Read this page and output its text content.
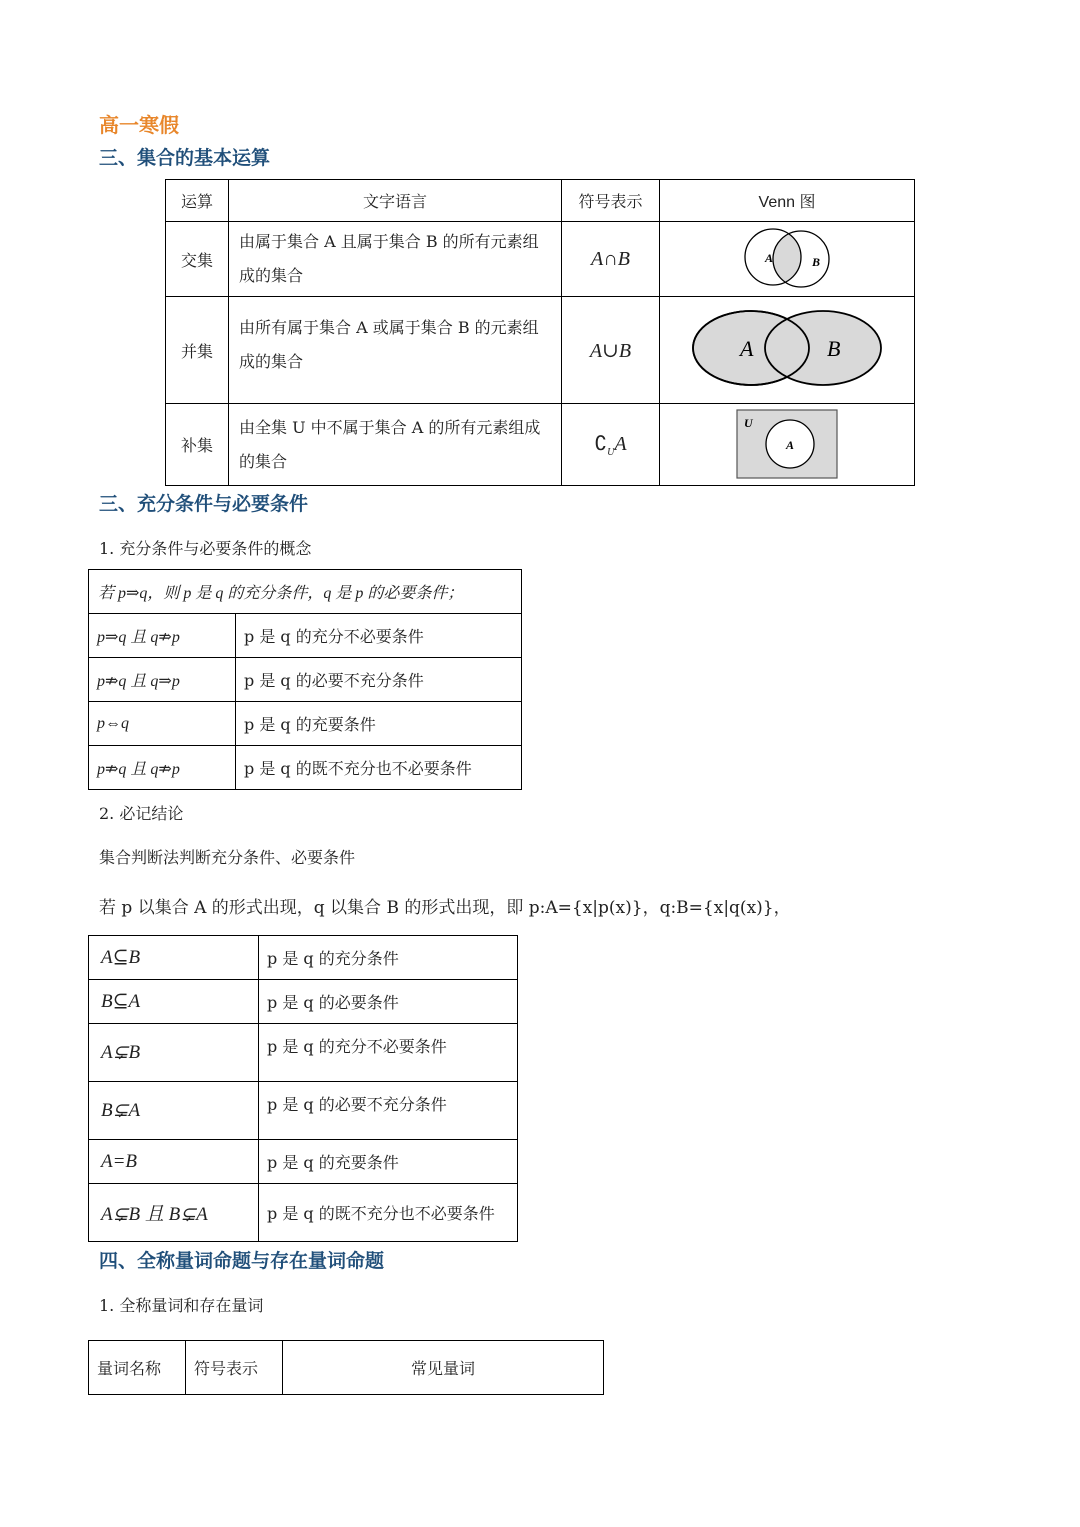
高一寒假
三、集合的基本运算
运算	文字语言	符号表示	Venn 图
交集	由属于集合 A 且属于集合 B 的所有元素组成的集合	A∩B	A B

并集	由所有属于集合 A 或属于集合 B 的元素组成的集合	A∪B	A B

补集	由全集 U 中不属于集合 A 的所有元素组成的集合	$∁_UA$	U
A
三、充分条件与必要条件
1. 充分条件与必要条件的概念
若 p⇒q，则 p 是 q 的充分条件，q 是 p 的必要条件；	
p⇒q 且 q⇏p	p 是 q 的充分不必要条件
p⇏q 且 q⇒p	p 是 q 的必要不充分条件
p⇔q	p 是 q 的充要条件
p⇏q 且 q⇏p	p 是 q 的既不充分也不必要条件
2. 必记结论
集合判断法判断充分条件、必要条件
若 p 以集合 A 的形式出现，q 以集合 B 的形式出现，即 p:A={x|p(x)}，q:B={x|q(x)}，
A⊆B	p 是 q 的充分条件
B⊆A	p 是 q 的必要条件
A⊊B	p 是 q 的充分不必要条件
B⊊A	p 是 q 的必要不充分条件
A=B	p 是 q 的充要条件
A⊊B 且 B⊊A	p 是 q 的既不充分也不必要条件
四、全称量词命题与存在量词命题
1. 全称量词和存在量词
量词名称	符号表示	常见量词
